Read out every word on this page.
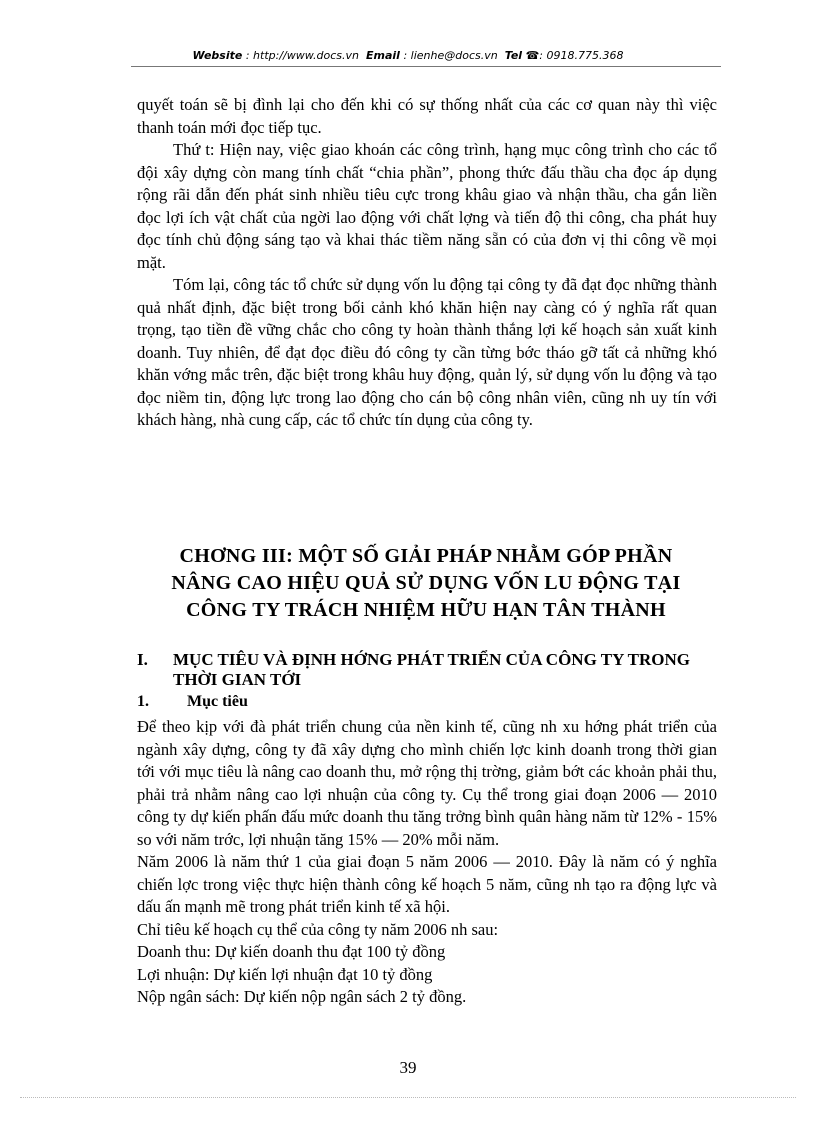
Website : http://www.docs.vn Email : lienhe@docs.vn Tel ☎: 0918.775.368

quyết toán sẽ bị đình lại cho đến khi có sự thống nhất của các cơ quan này thì việc thanh toán mới đọc tiếp tục.

Thứ t: Hiện nay, việc giao khoán các công trình, hạng mục công trình cho các tổ đội xây dựng còn mang tính chất “chia phần”, phong thức đấu thầu cha đọc áp dụng rộng rãi dẫn đến phát sinh nhiều tiêu cực trong khâu giao và nhận thầu, cha gắn liền đọc lợi ích vật chất của ngời lao động với chất lợng và tiến độ thi công, cha phát huy đọc tính chủ động sáng tạo và khai thác tiềm năng sẵn có của đơn vị thi công về mọi mặt.

Tóm lại, công tác tổ chức sử dụng vốn lu động tại công ty đã đạt đọc những thành quả nhất định, đặc biệt trong bối cảnh khó khăn hiện nay càng có ý nghĩa rất quan trọng, tạo tiền đề vững chắc cho công ty hoàn thành thắng lợi kế hoạch sản xuất kinh doanh. Tuy nhiên, để đạt đọc điều đó công ty cần từng bớc tháo gỡ tất cả những khó khăn vớng mắc trên, đặc biệt trong khâu huy động, quản lý, sử dụng vốn lu động và tạo đọc niềm tin, động lực trong lao động cho cán bộ công nhân viên, cũng nh uy tín với khách hàng, nhà cung cấp, các tổ chức tín dụng của công ty.

CHƠNG III: MỘT SỐ GIẢI PHÁP NHẰM GÓP PHẦN
NÂNG CAO HIỆU QUẢ SỬ DỤNG VỐN LU ĐỘNG TẠI
CÔNG TY TRÁCH NHIỆM HỮU HẠN TÂN THÀNH
I. MỤC TIÊU VÀ ĐỊNH HỚNG PHÁT TRIỂN CỦA CÔNG TY TRONG THỜI GIAN TỚI
1. Mục tiêu

Để theo kịp với đà phát triển chung của nền kinh tế, cũng nh xu hớng phát triển của ngành xây dựng, công ty đã xây dựng cho mình chiến lợc kinh doanh trong thời gian tới với mục tiêu là nâng cao doanh thu, mở rộng thị trờng, giảm bớt các khoản phải thu, phải trả nhằm nâng cao lợi nhuận của công ty. Cụ thể trong giai đoạn 2006 — 2010 công ty dự kiến phấn đấu mức doanh thu tăng trởng bình quân hàng năm từ 12% - 15% so với năm trớc, lợi nhuận tăng 15% — 20% mỗi năm.

Năm 2006 là năm thứ 1 của giai đoạn 5 năm 2006 — 2010. Đây là năm có ý nghĩa chiến lợc trong việc thực hiện thành công kế hoạch 5 năm, cũng nh tạo ra động lực và dấu ấn mạnh mẽ trong phát triển kinh tế xã hội.

Chỉ tiêu kế hoạch cụ thể của công ty năm 2006 nh sau:

Doanh thu: Dự kiến doanh thu đạt 100 tỷ đồng

Lợi nhuận: Dự kiến lợi nhuận đạt 10 tỷ đồng

Nộp ngân sách: Dự kiến nộp ngân sách 2 tỷ đồng.

39
